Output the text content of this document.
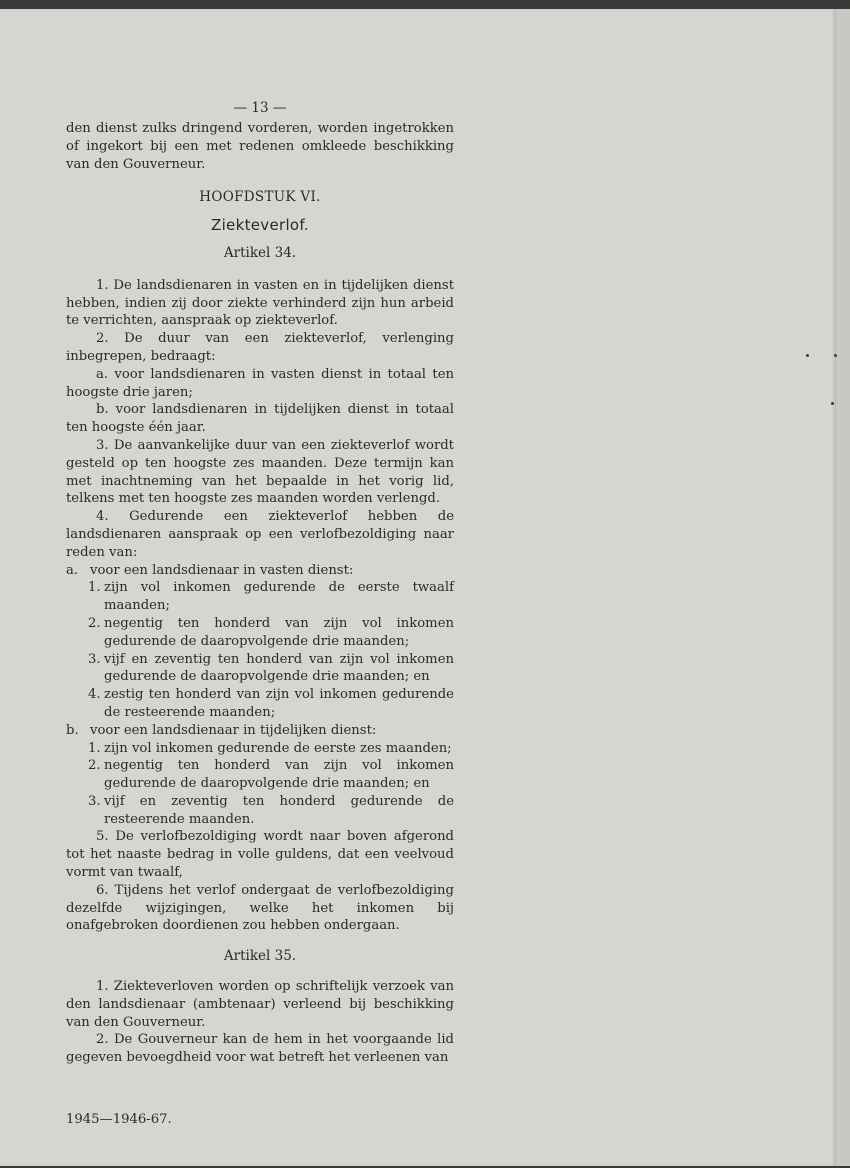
— 13 —

den dienst zulks dringend vorderen, worden ingetrokken of ingekort bij een met redenen omkleede beschikking van den Gouverneur.

HOOFDSTUK VI.
Ziekteverlof.
Artikel 34.

1. De landsdienaren in vasten en in tijdelijken dienst hebben, indien zij door ziekte verhinderd zijn hun arbeid te verrichten, aanspraak op ziekteverlof.

2. De duur van een ziekteverlof, verlenging inbegrepen, bedraagt:

a. voor landsdienaren in vasten dienst in totaal ten hoogste drie jaren;

b. voor landsdienaren in tijdelijken dienst in totaal ten hoogste één jaar.

3. De aanvankelijke duur van een ziekteverlof wordt gesteld op ten hoogste zes maanden. Deze termijn kan met inachtneming van het bepaalde in het vorig lid, telkens met ten hoogste zes maanden worden verlengd.

4. Gedurende een ziekteverlof hebben de landsdienaren aanspraak op een verlofbezoldiging naar reden van:

a. voor een landsdienaar in vasten dienst:
1. zijn vol inkomen gedurende de eerste twaalf maanden;
2. negentig ten honderd van zijn vol inkomen gedurende de daaropvolgende drie maanden;
3. vijf en zeventig ten honderd van zijn vol inkomen gedurende de daaropvolgende drie maanden; en
4. zestig ten honderd van zijn vol inkomen gedurende de resteerende maanden;
b. voor een landsdienaar in tijdelijken dienst:
1. zijn vol inkomen gedurende de eerste zes maanden;
2. negentig ten honderd van zijn vol inkomen gedurende de daaropvolgende drie maanden; en
3. vijf en zeventig ten honderd gedurende de resteerende maanden.

5. De verlofbezoldiging wordt naar boven afgerond tot het naaste bedrag in volle guldens, dat een veelvoud vormt van twaalf,

6. Tijdens het verlof ondergaat de verlofbezoldiging dezelfde wijzigingen, welke het inkomen bij onafgebroken doordienen zou hebben ondergaan.

Artikel 35.

1. Ziekteverloven worden op schriftelijk verzoek van den landsdienaar (ambtenaar) verleend bij beschikking van den Gouverneur.

2. De Gouverneur kan de hem in het voorgaande lid gegeven bevoegdheid voor wat betreft het verleenen van

1945—1946-67.
